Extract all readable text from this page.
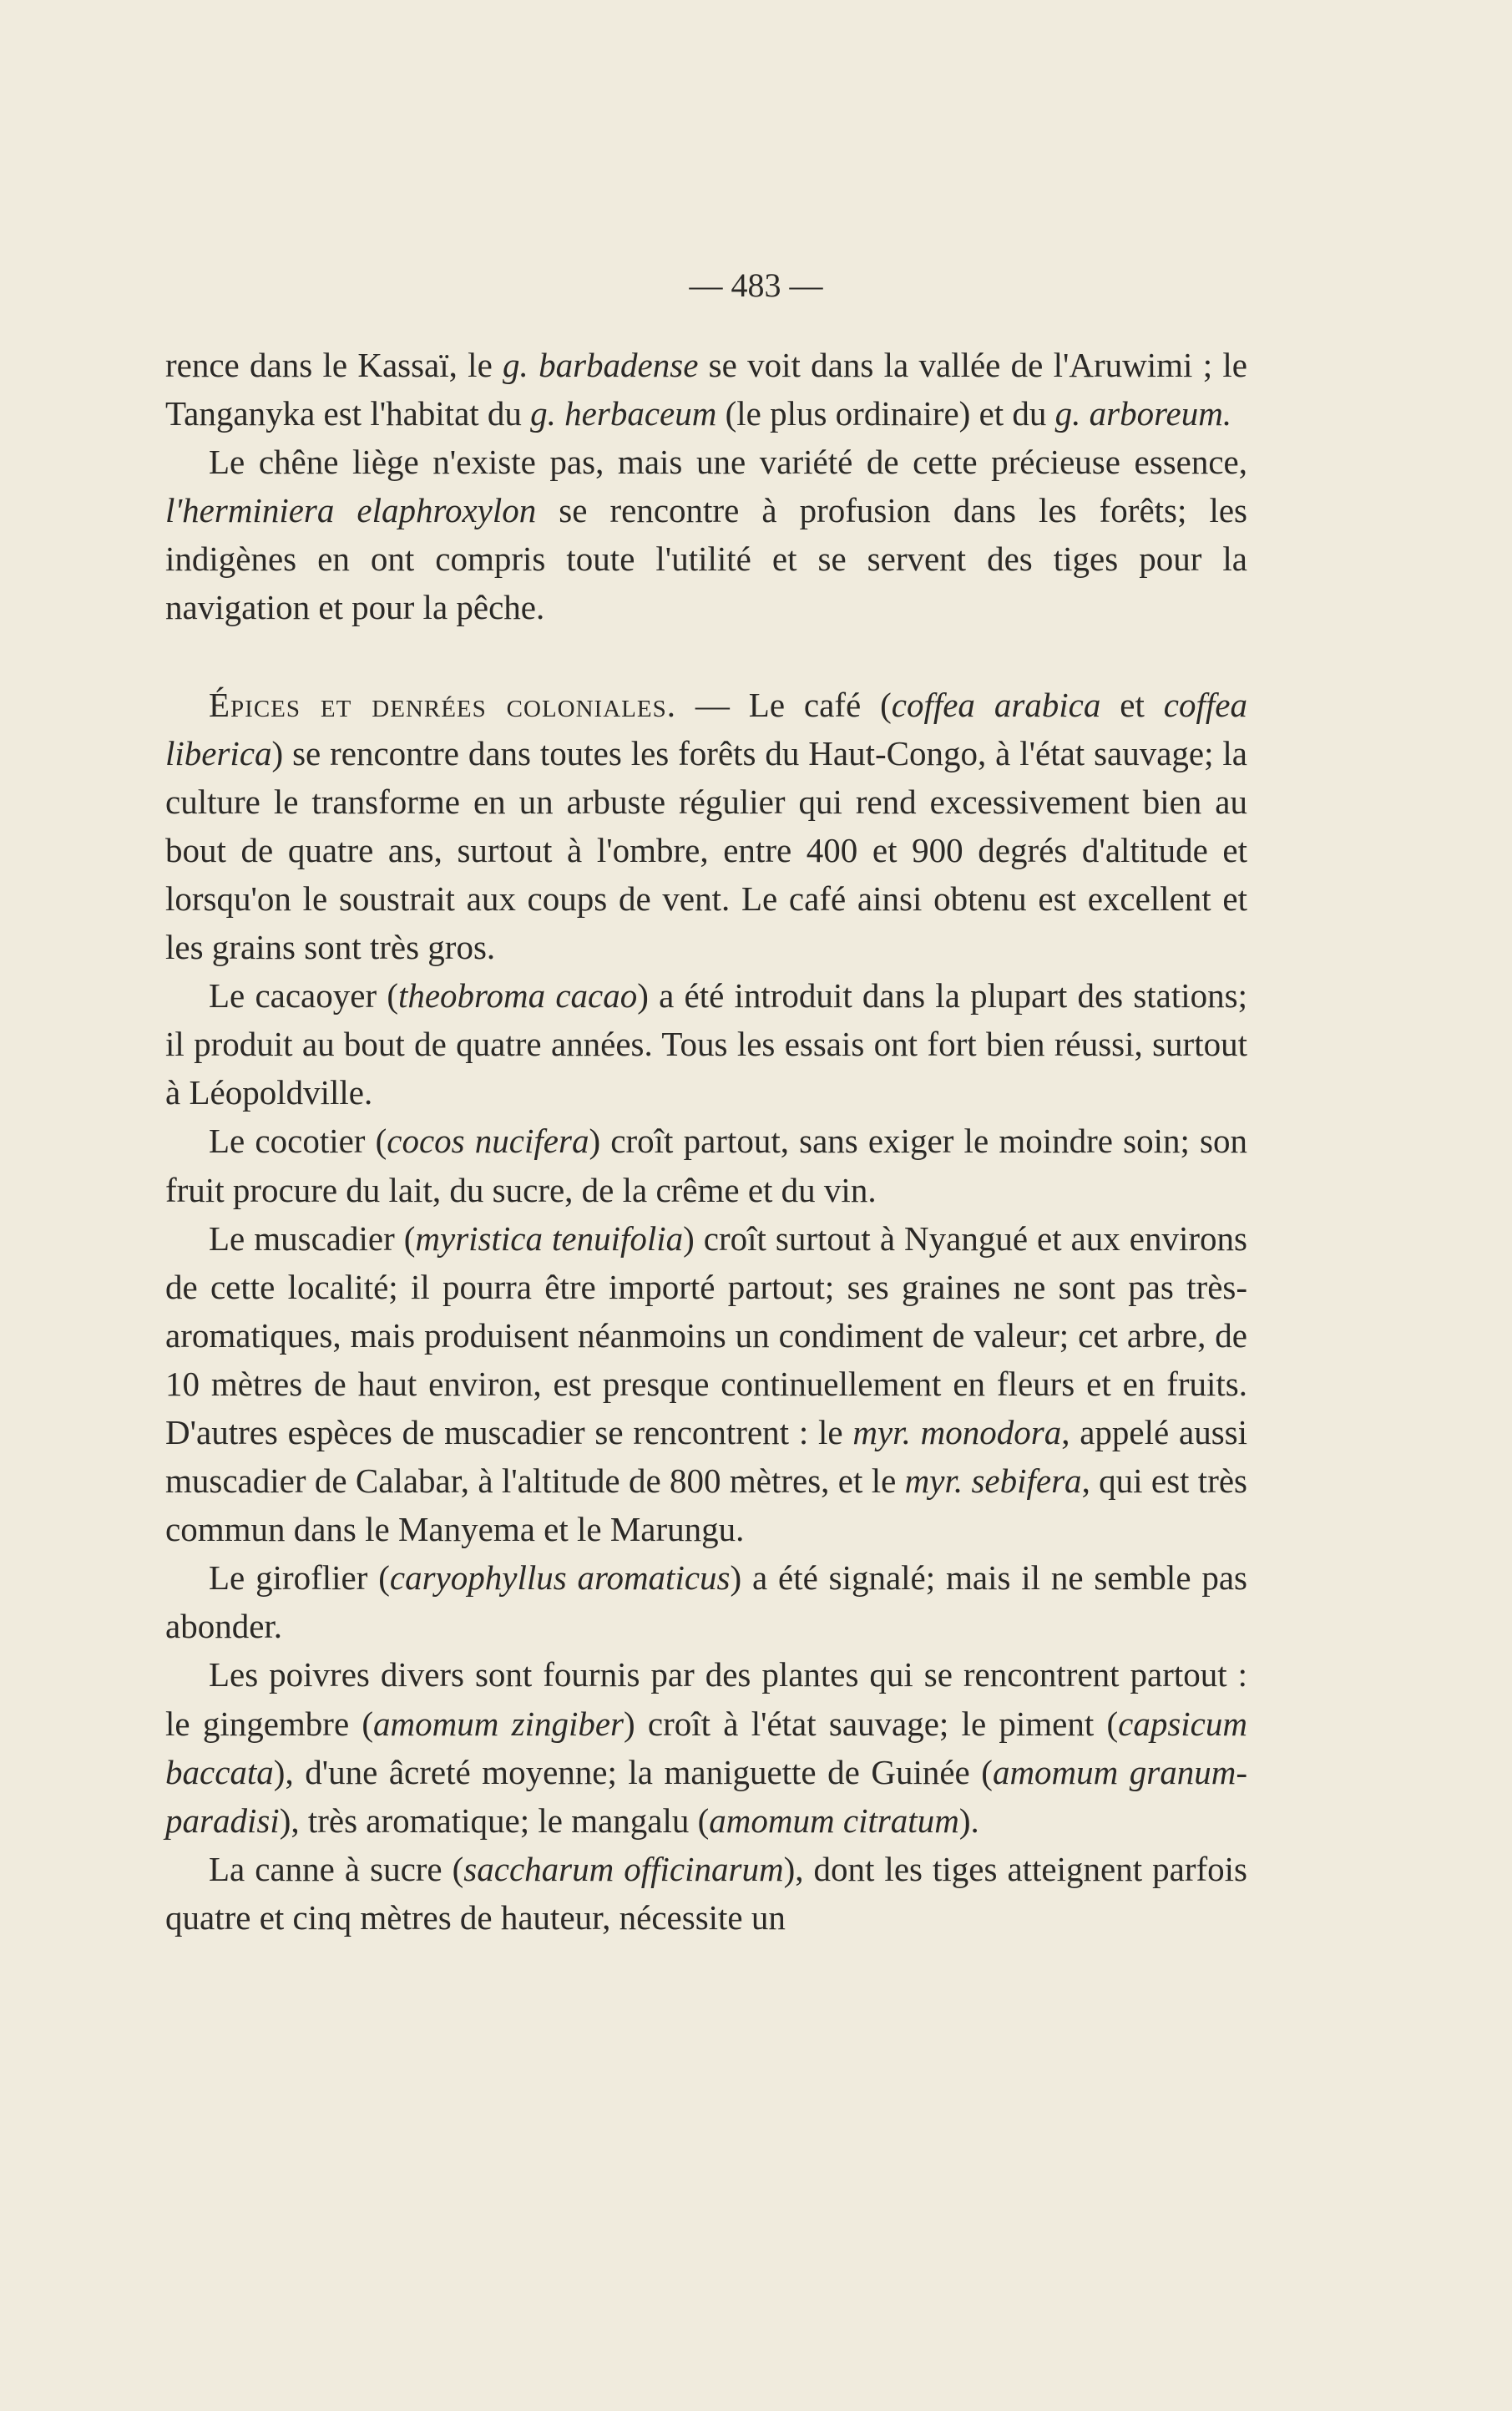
— 483 —

rence dans le Kassaï, le g. barbadense se voit dans la vallée de l'Aruwimi ; le Tanganyka est l'habitat du g. herbaceum (le plus ordinaire) et du g. arboreum.

Le chêne liège n'existe pas, mais une variété de cette précieuse essence, l'herminiera elaphroxylon se rencontre à profusion dans les forêts; les indigènes en ont compris toute l'utilité et se servent des tiges pour la navigation et pour la pêche.

Épices et denrées coloniales. — Le café (coffea arabica et coffea liberica) se rencontre dans toutes les forêts du Haut-Congo, à l'état sauvage; la culture le transforme en un arbuste régulier qui rend excessivement bien au bout de quatre ans, surtout à l'ombre, entre 400 et 900 degrés d'altitude et lorsqu'on le soustrait aux coups de vent. Le café ainsi obtenu est excellent et les grains sont très gros.

Le cacaoyer (theobroma cacao) a été introduit dans la plupart des stations; il produit au bout de quatre années. Tous les essais ont fort bien réussi, surtout à Léopoldville.

Le cocotier (cocos nucifera) croît partout, sans exiger le moindre soin; son fruit procure du lait, du sucre, de la crême et du vin.

Le muscadier (myristica tenuifolia) croît surtout à Nyangué et aux environs de cette localité; il pourra être importé partout; ses graines ne sont pas très-aromatiques, mais produisent néanmoins un condiment de valeur; cet arbre, de 10 mètres de haut environ, est presque continuellement en fleurs et en fruits. D'autres espèces de muscadier se rencontrent : le myr. monodora, appelé aussi muscadier de Calabar, à l'altitude de 800 mètres, et le myr. sebifera, qui est très commun dans le Manyema et le Marungu.

Le giroflier (caryophyllus aromaticus) a été signalé; mais il ne semble pas abonder.

Les poivres divers sont fournis par des plantes qui se rencontrent partout : le gingembre (amomum zingiber) croît à l'état sauvage; le piment (capsicum baccata), d'une âcreté moyenne; la maniguette de Guinée (amomum granum-paradisi), très aromatique; le mangalu (amomum citratum).

La canne à sucre (saccharum officinarum), dont les tiges atteignent parfois quatre et cinq mètres de hauteur, nécessite un
